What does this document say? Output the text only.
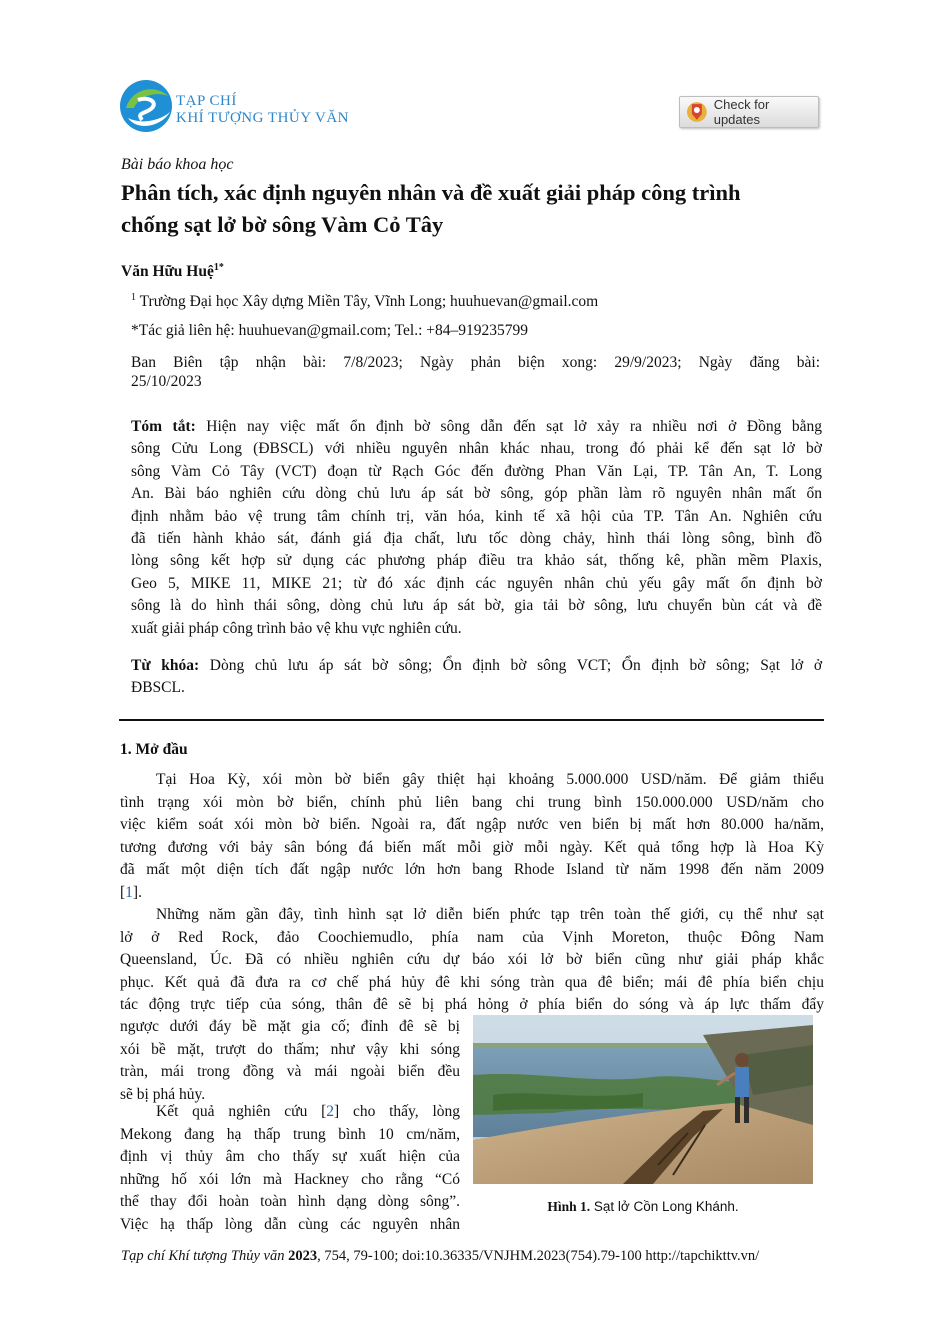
TẠP CHÍ
KHÍ TƯỢNG THỦY VĂN
Check for updates
Bài báo khoa học
Phân tích, xác định nguyên nhân và đề xuất giải pháp công trình
chống sạt lở bờ sông Vàm Cỏ Tây
Văn Hữu Huệ$^{1*}$
$^1$ Trường Đại học Xây dựng Miền Tây, Vĩnh Long; huuhuevan@gmail.com
*Tác giả liên hệ: huuhuevan@gmail.com; Tel.: +84–919235799
Ban Biên tập nhận bài: 7/8/2023; Ngày phản biện xong: 29/9/2023; Ngày đăng bài:
25/10/2023
Tóm tắt: Hiện nay việc mất ổn định bờ sông dẫn đến sạt lở xảy ra nhiều nơi ở Đồng bằng
sông Cửu Long (ĐBSCL) với nhiều nguyên nhân khác nhau, trong đó phải kể đến sạt lở bờ
sông Vàm Cỏ Tây (VCT) đoạn từ Rạch Góc đến đường Phan Văn Lại, TP. Tân An, T. Long
An. Bài báo nghiên cứu dòng chủ lưu áp sát bờ sông, góp phần làm rõ nguyên nhân mất ổn
định nhằm bảo vệ trung tâm chính trị, văn hóa, kinh tế xã hội của TP. Tân An. Nghiên cứu
đã tiến hành khảo sát, đánh giá địa chất, lưu tốc dòng chảy, hình thái lòng sông, bình đồ
lòng sông kết hợp sử dụng các phương pháp điều tra khảo sát, thống kê, phần mềm Plaxis,
Geo 5, MIKE 11, MIKE 21; từ đó xác định các nguyên nhân chủ yếu gây mất ổn định bờ
sông là do hình thái sông, dòng chủ lưu áp sát bờ, gia tải bờ sông, lưu chuyển bùn cát và đề
xuất giải pháp công trình bảo vệ khu vực nghiên cứu.
Từ khóa: Dòng chủ lưu áp sát bờ sông; Ổn định bờ sông VCT; Ổn định bờ sông; Sạt lở ở
ĐBSCL.
1. Mở đầu
Tại Hoa Kỳ, xói mòn bờ biển gây thiệt hại khoảng 5.000.000 USD/năm. Để giảm thiểu
tình trạng xói mòn bờ biển, chính phủ liên bang chi trung bình 150.000.000 USD/năm cho
việc kiểm soát xói mòn bờ biển. Ngoài ra, đất ngập nước ven biển bị mất hơn 80.000 ha/năm,
tương đương với bảy sân bóng đá biến mất mỗi giờ mỗi ngày. Kết quả tổng hợp là Hoa Kỳ
đã mất một diện tích đất ngập nước lớn hơn bang Rhode Island từ năm 1998 đến năm 2009
[1].
Những năm gần đây, tình hình sạt lở diễn biến phức tạp trên toàn thế giới, cụ thể như sạt
lở ở Red Rock, đảo Coochiemudlo, phía nam của Vịnh Moreton, thuộc Đông Nam
Queensland, Úc. Đã có nhiều nghiên cứu dự báo xói lở bờ biển cũng như giải pháp khắc
phục. Kết quả đã đưa ra cơ chế phá hủy đê khi sóng tràn qua đê biển; mái đê phía biển chịu
tác động trực tiếp của sóng, thân đê sẽ bị phá hỏng ở phía biển do sóng và áp lực thấm đẩy
ngược dưới đáy bề mặt gia cố; đỉnh đê sẽ bị
xói bề mặt, trượt do thấm; như vậy khi sóng
tràn, mái trong đồng và mái ngoài biển đều
sẽ bị phá hủy.
Kết quả nghiên cứu [2] cho thấy, lòng
Mekong đang hạ thấp trung bình 10 cm/năm,
định vị thủy âm cho thấy sự xuất hiện của
những hố xói lớn mà Hackney cho rằng “Có
thể thay đổi hoàn toàn hình dạng dòng sông”.
Việc hạ thấp lòng dẫn cùng các nguyên nhân
Hình 1. Sạt lở Cồn Long Khánh.
Tạp chí Khí tượng Thủy văn 2023, 754, 79-100; doi:10.36335/VNJHM.2023(754).79-100 http://tapchikttv.vn/
